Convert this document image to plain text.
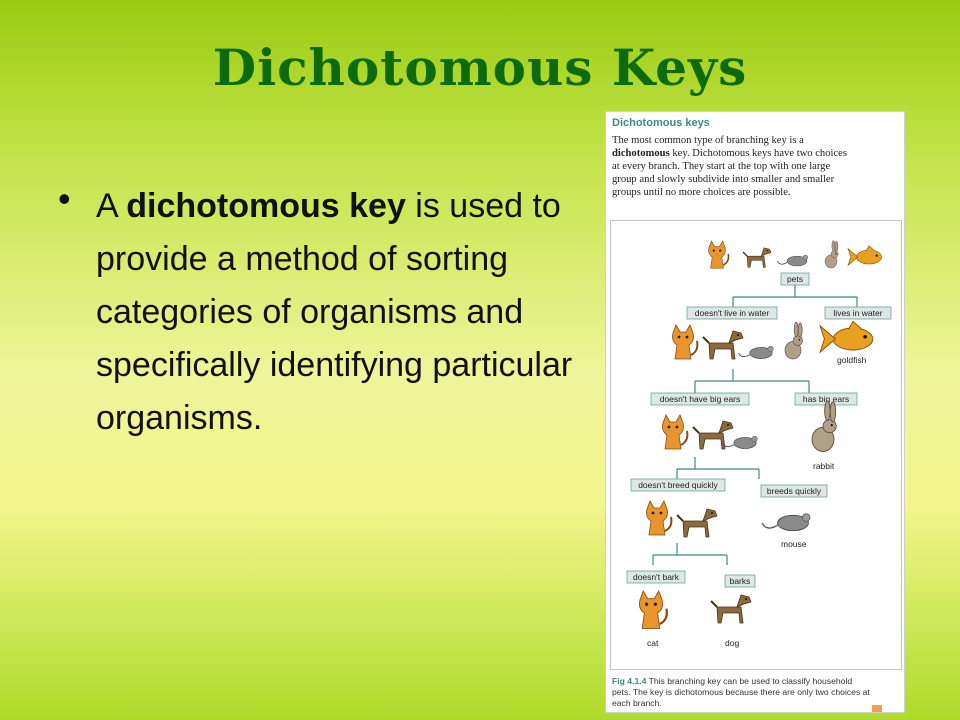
Dichotomous Keys
• A dichotomous key is used to provide a method of sorting categories of organisms and specifically identifying particular organisms.
Dichotomous keys
The most common type of branching key is a
dichotomous key. Dichotomous keys have two choices
at every branch. They start at the top with one large
group and slowly subdivide into smaller and smaller
groups until no more choices are possible.
pets
doesn't live in water	lives in water
goldfish
doesn't have big ears	has big ears
rabbit
doesn't breed quickly
breeds quickly
mouse
doesn't bark	barks
cat	dog
Fig 4.1.4 This branching key can be used to classify household
pets. The key is dichotomous because there are only two choices at
each branch.
